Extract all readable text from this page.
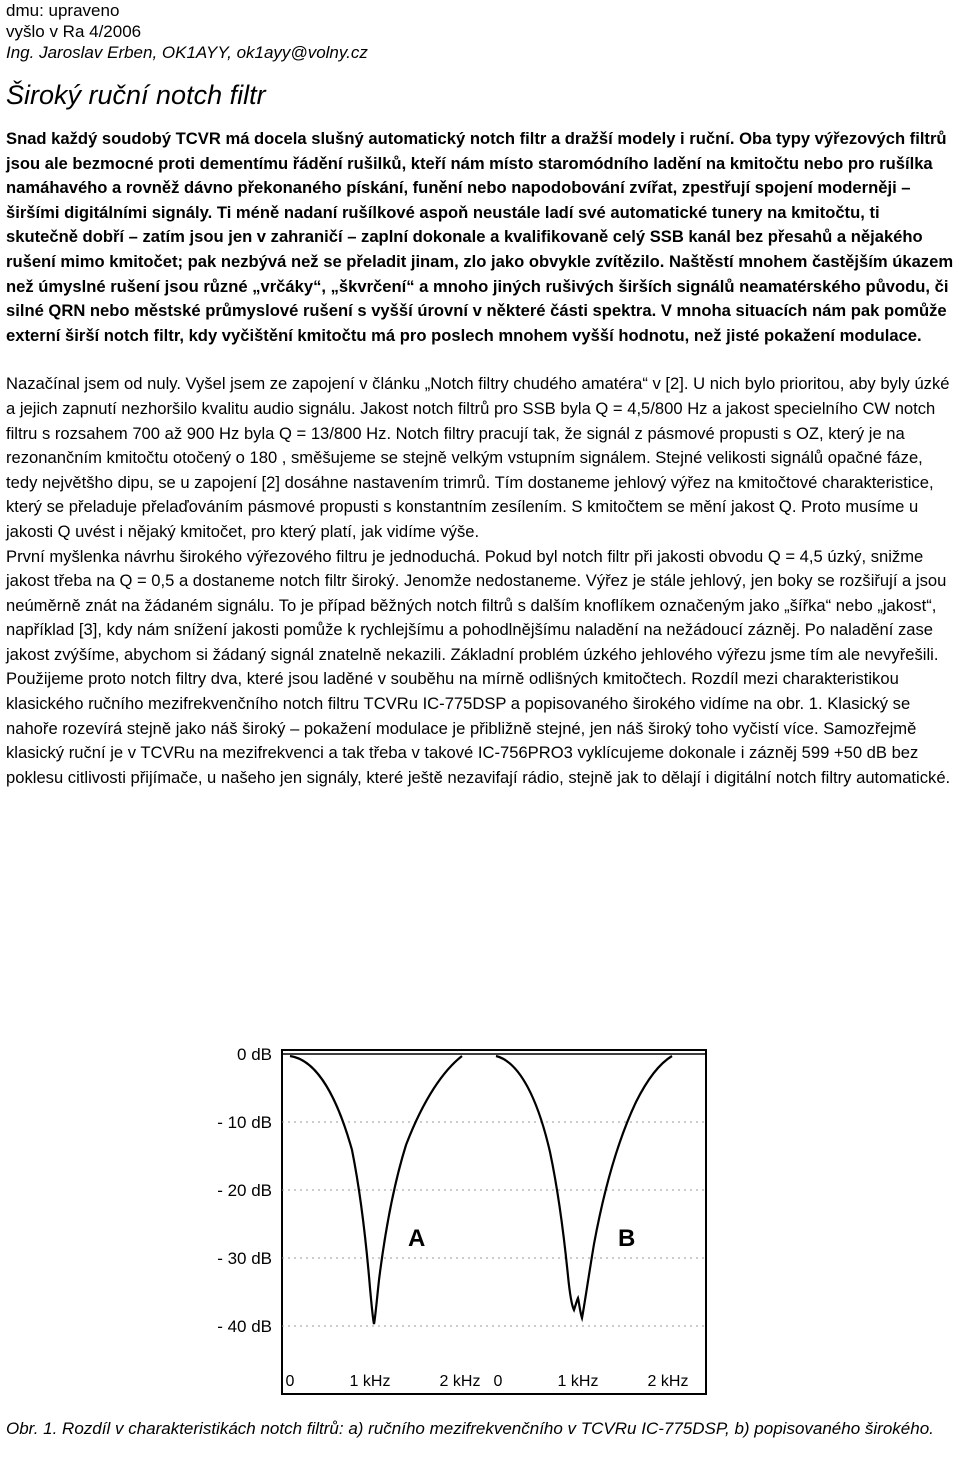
dmu: upraveno
vyšlo v Ra 4/2006
Ing. Jaroslav Erben, OK1AYY, ok1ayy@volny.cz
Široký ruční notch filtr
Snad každý soudobý TCVR má docela slušný automatický notch filtr a dražší modely i ruční. Oba typy výřezových filtrů jsou ale bezmocné proti dementímu řádění rušilků, kteří nám místo staromódního ladění na kmitočtu nebo pro rušílka namáhavého a rovněž dávno překonaného pískání, funění nebo napodobování zvířat, zpestřují spojení moderněji – širšími digitálními signály. Ti méně nadaní rušílkové aspoň neustále ladí své automatické tunery na kmitočtu, ti skutečně dobří – zatím jsou jen v zahraničí – zaplní dokonale a kvalifikovaně celý SSB kanál bez přesahů a nějakého rušení mimo kmitočet; pak nezbývá než se přeladit jinam, zlo jako obvykle zvítězilo. Naštěstí mnohem častějším úkazem než úmyslné rušení jsou různé „vrčáky“, „škvrčení“ a mnoho jiných rušivých širších signálů neamatérského původu, či silné QRN nebo městské průmyslové rušení s vyšší úrovní v některé části spektra. V mnoha situacích nám pak pomůže externí širší notch filtr, kdy vyčištění kmitočtu má pro poslech mnohem vyšší hodnotu, než jisté pokažení modulace.
Nazačínal jsem od nuly. Vyšel jsem ze zapojení v článku „Notch filtry chudého amatéra“ v [2]. U nich bylo prioritou, aby byly úzké a jejich zapnutí nezhoršilo kvalitu audio signálu. Jakost notch filtrů pro SSB byla Q = 4,5/800 Hz a jakost specielního CW notch filtru s rozsahem 700 až 900 Hz byla Q = 13/800 Hz. Notch filtry pracují tak, že signál z pásmové propusti s OZ, který je na rezonančním kmitočtu otočený o 180 , směšujeme se stejně velkým vstupním signálem. Stejné velikosti signálů opačné fáze, tedy největšho dipu, se u zapojení [2] dosáhne nastavením trimrů. Tím dostaneme jehlový výřez na kmitočtové charakteristice, který se přeladuje přelaďováním pásmové propusti s konstantním zesílením. S kmitočtem se mění jakost Q. Proto musíme u jakosti Q uvést i nějaký kmitočet, pro který platí, jak vidíme výše.
První myšlenka návrhu širokého výřezového filtru je jednoduchá. Pokud byl notch filtr při jakosti obvodu Q = 4,5 úzký, snižme jakost třeba na Q = 0,5 a dostaneme notch filtr široký. Jenomže nedostaneme. Výřez je stále jehlový, jen boky se rozšiřují a jsou neúměrně znát na žádaném signálu. To je případ běžných notch filtrů s dalším knoflíkem označeným jako „šířka“ nebo „jakost“, například [3], kdy nám snížení jakosti pomůže k rychlejšímu a pohodlnějšímu naladění na nežádoucí zázněj. Po naladění zase jakost zvýšíme, abychom si žádaný signál znatelně nekazili. Základní problém úzkého jehlového výřezu jsme tím ale nevyřešili.
Použijeme proto notch filtry dva, které jsou laděné v souběhu na mírně odlišných kmitočtech. Rozdíl mezi charakteristikou klasického ručního mezifrekvenčního notch filtru TCVRu IC-775DSP a popisovaného širokého vidíme na obr. 1. Klasický se nahoře rozevírá stejně jako náš široký – pokažení modulace je přibližně stejné, jen náš široký toho vyčistí více. Samozřejmě klasický ruční je v TCVRu na mezifrekvenci a tak třeba v takové IC-756PRO3 vyklícujeme dokonale i zázněj 599 +50 dB bez poklesu citlivosti přijímače, u našeho jen signály, které ještě nezavifají rádio, stejně jak to dělají i digitální notch filtry automatické.
0 dB
- 10 dB
- 20 dB
- 30 dB
- 40 dB
0	1 kHz	2 kHz 0	1 kHz	2 kHz
A	B
Obr. 1. Rozdíl v charakteristikách notch filtrů: a) ručního mezifrekvenčního v TCVRu IC-775DSP, b) popisovaného širokého.
